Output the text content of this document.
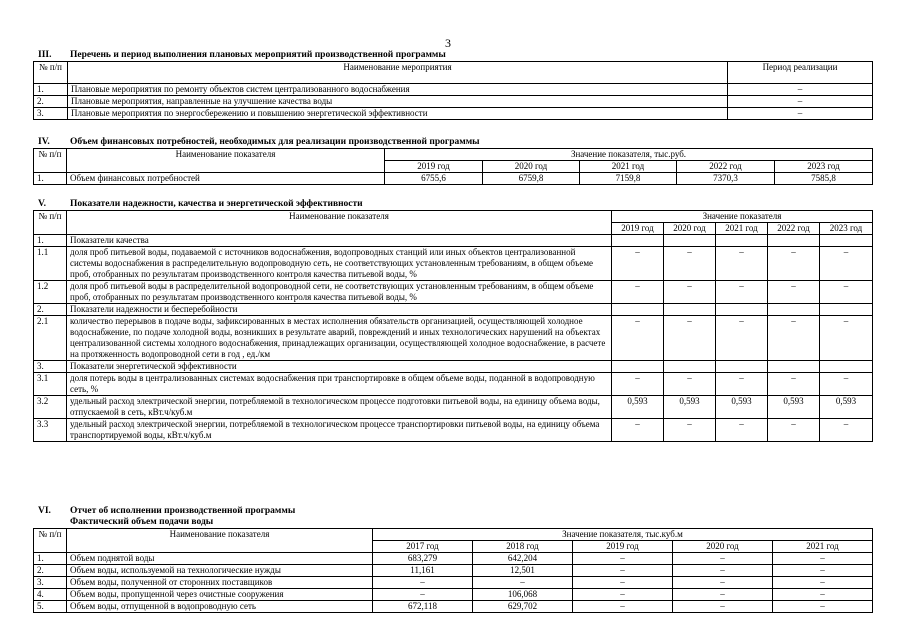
3
III. Перечень и период выполнения плановых мероприятий производственной программы
№ п/п	Наименование мероприятия	Период реализации
1.	Плановые мероприятия по ремонту объектов систем централизованного водоснабжения	–
2.	Плановые мероприятия, направленные на улучшение качества воды	–
3.	Плановые мероприятия по энергосбережению и повышению энергетической эффективности	–
IV. Объем финансовых потребностей, необходимых для реализации производственной программы
№ п/п	Наименование показателя	Значение показателя, тыс.руб.				
		2019 год	2020 год	2021 год	2022 год	2023 год
1.	Объем финансовых потребностей	6755,6	6759,8	7159,8	7370,3	7585,8
V.	Показатели надежности, качества и энергетической эффективности
№ п/п	Наименование показателя	Значение показателя				
		2019 год	2020 год	2021 год	2022 год	2023 год
1.	Показатели качества					
1.1	доля проб питьевой воды, подаваемой с источников водоснабжения, водопроводных станций или иных объектов централизованной системы водоснабжения в распределительную водопроводную сеть, не соответствующих установленным требованиям, в общем объеме проб, отобранных по результатам производственного контроля качества питьевой воды, %	–	–	–	–	–
1.2	доля проб питьевой воды в распределительной водопроводной сети, не соответствующих установленным требованиям, в общем объеме проб, отобранных по результатам производственного контроля качества питьевой воды, %	–	–	–	–	–
2.	Показатели надежности и бесперебойности					
2.1	количество перерывов в подаче воды, зафиксированных в местах исполнения обязательств организацией, осуществляющей холодное водоснабжение, по подаче холодной воды, возникших в результате аварий, повреждений и иных технологических нарушений на объектах централизованной системы холодного водоснабжения, принадлежащих организации, осуществляющей холодное водоснабжение, в расчете на протяженность водопроводной сети в год , ед./км	–	–	–	–	–
3.	Показатели энергетической эффективности					
3.1	доля потерь воды в централизованных системах водоснабжения при транспортировке в общем объеме воды, поданной в водопроводную сеть, %	–	–	–	–	–
3.2	удельный расход электрической энергии, потребляемой в технологическом процессе подготовки питьевой воды, на единицу объема воды, отпускаемой в сеть, кВт.ч/куб.м	0,593	0,593	0,593	0,593	0,593
3.3	удельный расход электрической энергии, потребляемой в технологическом процессе транспортировки питьевой воды, на единицу объема транспортируемой воды, кВт.ч/куб.м	–	–	–	–	–
VI. Отчет об исполнении производственной программы
Фактический объем подачи воды
№ п/п	Наименование показателя	Значение показателя, тыс.куб.м				
		2017 год	2018 год	2019 год	2020 год	2021 год
1.	Объем поднятой воды	683,279	642,204	–	–	–
2.	Объем воды, используемой на технологические нужды	11,161	12,501	–	–	–
3.	Объем воды, полученной от сторонних поставщиков	–	–	–	–	–
4.	Объем воды, пропущенной через очистные сооружения	–	106,068	–	–	–
5.	Объем воды, отпущенной в водопроводную сеть	672,118	629,702	–	–	–
